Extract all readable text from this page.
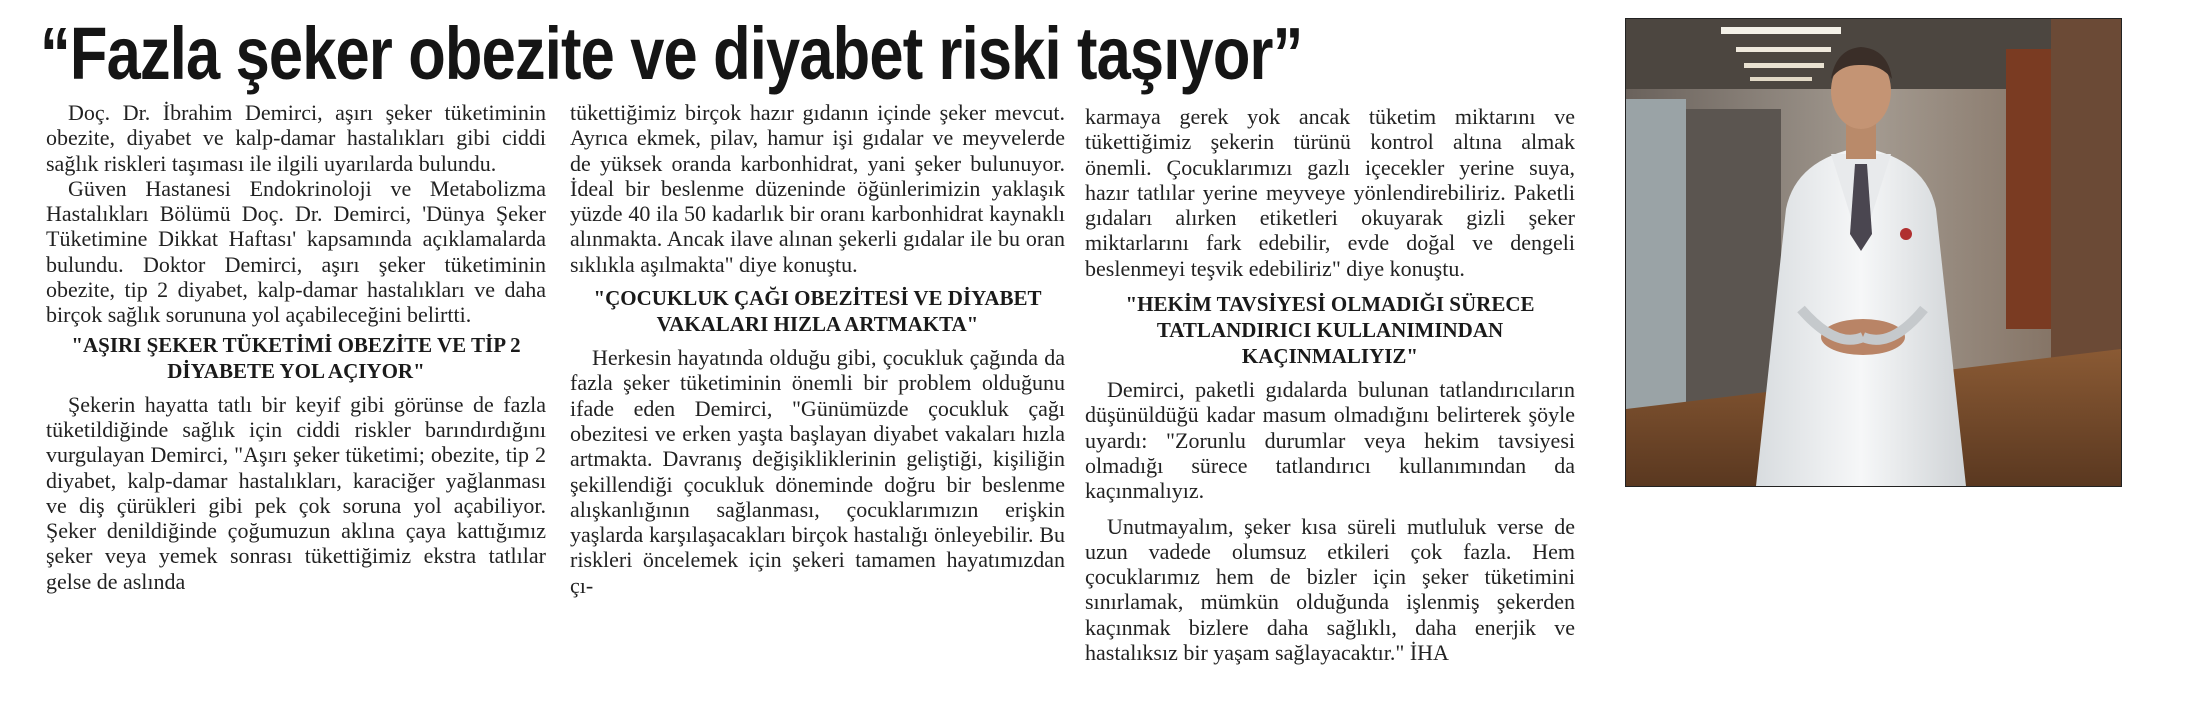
“Fazla şeker obezite ve diyabet riski taşıyor”

Doç. Dr. İbrahim Demirci, aşırı şeker tüketiminin obezite, diyabet ve kalp-damar hastalıkları gibi ciddi sağlık riskleri taşıması ile ilgili uyarılarda bulundu.

Güven Hastanesi Endokrinoloji ve Metabolizma Hastalıkları Bölümü Doç. Dr. Demirci, 'Dünya Şeker Tüketimine Dikkat Haftası' kapsamında açıklamalarda bulundu. Doktor Demirci, aşırı şeker tüketiminin obezite, tip 2 diyabet, kalp-damar hastalıkları ve daha birçok sağlık sorununa yol açabileceğini belirtti.

"AŞIRI ŞEKER TÜKETİMİ OBEZİTE VE TİP 2 DİYABETE YOL AÇIYOR"

Şekerin hayatta tatlı bir keyif gibi görünse de fazla tüketildiğinde sağlık için ciddi riskler barındırdığını vurgulayan Demirci, "Aşırı şeker tüketimi; obezite, tip 2 diyabet, kalp-damar hastalıkları, karaciğer yağlanması ve diş çürükleri gibi pek çok soruna yol açabiliyor. Şeker denildiğinde çoğumuzun aklına çaya kattığımız şeker veya yemek sonrası tükettiğimiz ekstra tatlılar gelse de aslında

tükettiğimiz birçok hazır gıdanın içinde şeker mevcut. Ayrıca ekmek, pilav, hamur işi gıdalar ve meyvelerde de yüksek oranda karbonhidrat, yani şeker bulunuyor. İdeal bir beslenme düzeninde öğünlerimizin yaklaşık yüzde 40 ila 50 kadarlık bir oranı karbonhidrat kaynaklı alınmakta. Ancak ilave alınan şekerli gıdalar ile bu oran sıklıkla aşılmakta" diye konuştu.

"ÇOCUKLUK ÇAĞI OBEZİTESİ VE DİYABET VAKALARI HIZLA ARTMAKTA"

Herkesin hayatında olduğu gibi, çocukluk çağında da fazla şeker tüketiminin önemli bir problem olduğunu ifade eden Demirci, "Günümüzde çocukluk çağı obezitesi ve erken yaşta başlayan diyabet vakaları hızla artmakta. Davranış değişikliklerinin geliştiği, kişiliğin şekillendiği çocukluk döneminde doğru bir beslenme alışkanlığının sağlanması, çocuklarımızın erişkin yaşlarda karşılaşacakları birçok hastalığı önleyebilir. Bu riskleri öncelemek için şekeri tamamen hayatımızdan çı-

karmaya gerek yok ancak tüketim miktarını ve tükettiğimiz şekerin türünü kontrol altına almak önemli. Çocuklarımızı gazlı içecekler yerine suya, hazır tatlılar yerine meyveye yönlendirebiliriz. Paketli gıdaları alırken etiketleri okuyarak gizli şeker miktarlarını fark edebilir, evde doğal ve dengeli beslenmeyi teşvik edebiliriz" diye konuştu.

"HEKİM TAVSİYESİ OLMADIĞI SÜRECE TATLANDIRICI KULLANIMINDAN KAÇINMALIYIZ"

Demirci, paketli gıdalarda bulunan tatlandırıcıların düşünüldüğü kadar masum olmadığını belirterek şöyle uyardı: "Zorunlu durumlar veya hekim tavsiyesi olmadığı sürece tatlandırıcı kullanımından da kaçınmalıyız.

Unutmayalım, şeker kısa süreli mutluluk verse de uzun vadede olumsuz etkileri çok fazla. Hem çocuklarımız hem de bizler için şeker tüketimini sınırlamak, mümkün olduğunda işlenmiş şekerden kaçınmak bizlere daha sağlıklı, daha enerjik ve hastalıksız bir yaşam sağlayacaktır." İHA
